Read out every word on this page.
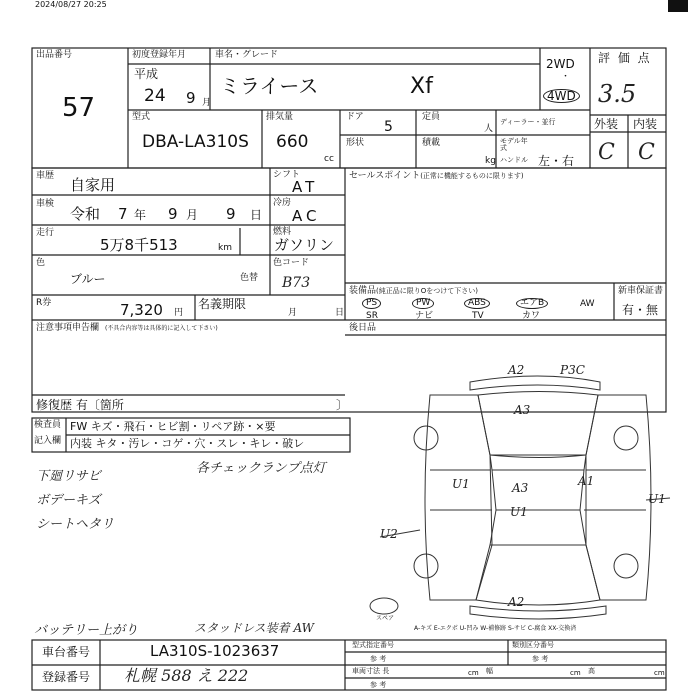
2024/08/27 20:25
出品番号
57
初度登録年月
平成
24 9 月
車名・グレード
ミライース	Xf
2WD
・
4WD
評 価 点
3.5
外装 内装
C C
型式
DBA-LA310S
排気量
660
cc
ドア
5
定員
人
形状	積載
kg
ディーラー・並行
モデル年式
ハンドル 左・右
車歴 自家用
車検
令和 7 年 9 月 9 日
走行
5万8千513	km
シフト
AT
冷房
AC
燃料
ガソリン
色
ブルー	色替
色コード
B73
R券	7,320 円
名義期限
月	日
セールスポイント(正常に機能するものに限ります)
装備品(純正品に限りΟをつけて下さい)
PS
SR
PW
ナビ
ABS
TV
エアB
カワ
AW
新車保証書
有・無
注意事項申告欄 (不具合内容等は具体的に記入して下さい)	後日品
修復歴 有〔箇所	〕
検査員
記入欄
FW キズ・飛石・ヒビ割・リペア跡・×要
内装 キタ・汚レ・コゲ・穴・スレ・キレ・破レ
下廻リサビ
ボデーキズ
シートヘタリ
各チェックランプ点灯
バッテリー上がり	スタッドレス装着 AW
A2	P3C
A3
A3
U1	A1
U1
U2
A2
U1
スペア
A-キズ E-エクボ U-凹み W-補修跡 S-サビ C-腐食 XX-交換済
車台番号	LA310S-1023637
登録番号 札幌 588 え 222
型式指定番号	類別区分番号
参 考	参 考
車両寸法 長	cm 幅	cm 高	cm
参 考
